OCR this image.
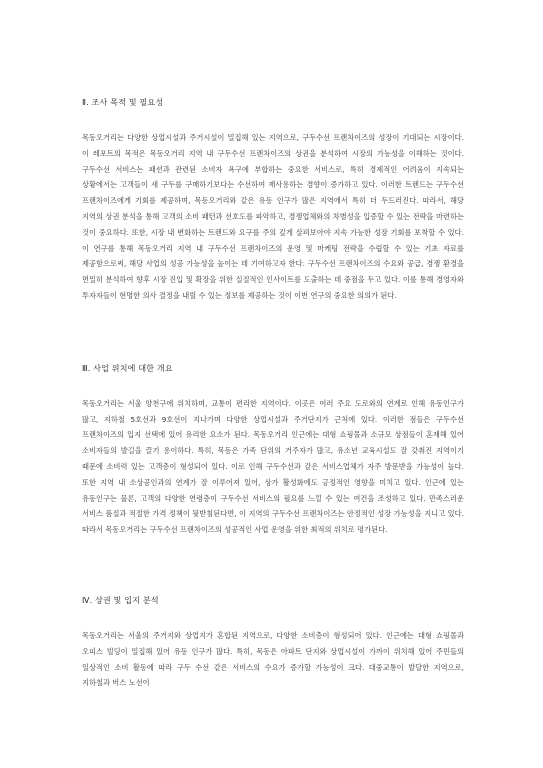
Ⅱ. 조사 목적 및 필요성

목동오거리는 다양한 상업시설과 주거시설이 밀집해 있는 지역으로, 구두수선 프랜차이즈의 성장이 기대되는 시장이다. 이 레포트의 목적은 목동오거리 지역 내 구두수선 프랜차이즈의 상권을 분석하여 시장의 가능성을 이해하는 것이다. 구두수선 서비스는 패션과 관련된 소비자 욕구에 부합하는 중요한 서비스로, 특히 경제적인 어려움이 지속되는 상황에서는 고객들이 새 구두를 구매하기보다는 수선하여 재사용하는 경향이 증가하고 있다. 이러한 트렌드는 구두수선 프랜차이즈에게 기회를 제공하며, 목동오거리와 같은 유동 인구가 많은 지역에서 특히 더 두드러진다. 따라서, 해당 지역의 상권 분석을 통해 고객의 소비 패턴과 선호도를 파악하고, 경쟁업체와의 차별성을 입증할 수 있는 전략을 마련하는 것이 중요하다. 또한, 시장 내 변화하는 트렌드와 요구를 주의 깊게 살펴보아야 지속 가능한 성장 기회를 포착할 수 있다. 이 연구를 통해 목동오거리 지역 내 구두수선 프랜차이즈의 운영 및 마케팅 전략을 수립할 수 있는 기초 자료를 제공함으로써, 해당 사업의 성공 가능성을 높이는 데 기여하고자 한다. 구두수선 프랜차이즈의 수요와 공급, 경쟁 환경을 면밀히 분석하여 향후 시장 진입 및 확장을 위한 실질적인 인사이트를 도출하는 데 중점을 두고 있다. 이를 통해 경영자와 투자자들이 현명한 의사 결정을 내릴 수 있는 정보를 제공하는 것이 이번 연구의 중요한 의의가 된다.

Ⅲ. 사업 위치에 대한 개요

목동오거리는 서울 양천구에 위치하며, 교통이 편리한 지역이다. 이곳은 여러 주요 도로와의 연계로 인해 유동인구가 많고, 지하철 5호선과 9호선이 지나가며 다양한 상업시설과 주거단지가 근처에 있다. 이러한 점들은 구두수선 프랜차이즈의 입지 선택에 있어 유리한 요소가 된다. 목동오거리 인근에는 대형 쇼핑몰과 소규모 상점들이 혼재해 있어 소비자들의 발길을 끌기 용이하다. 특히, 목동은 가족 단위의 거주자가 많고, 유소년 교육시설도 잘 갖춰진 지역이기 때문에 소비력 있는 고객층이 형성되어 있다. 이로 인해 구두수선과 같은 서비스업체가 자주 방문받을 가능성이 높다. 또한 지역 내 소상공인과의 연계가 잘 이루어져 있어, 상가 활성화에도 긍정적인 영향을 미치고 있다. 인근에 있는 유동인구는 물론, 고객의 다양한 연령층이 구두수선 서비스의 필요를 느낄 수 있는 여건을 조성하고 있다. 만족스러운 서비스 품질과 적절한 가격 정책이 뒷받침된다면, 이 지역의 구두수선 프랜차이즈는 안정적인 성장 가능성을 지니고 있다. 따라서 목동오거리는 구두수선 프랜차이즈의 성공적인 사업 운영을 위한 최적의 위치로 평가된다.

Ⅳ. 상권 및 입지 분석

목동오거리는 서울의 주거지와 상업지가 혼합된 지역으로, 다양한 소비층이 형성되어 있다. 인근에는 대형 쇼핑몰과 오피스 빌딩이 밀집해 있어 유동 인구가 많다. 특히, 목동은 아파트 단지와 상업시설이 가까이 위치해 있어 주민들의 일상적인 소비 활동에 따라 구두 수선 같은 서비스의 수요가 증가할 가능성이 크다. 대중교통이 발달한 지역으로, 지하철과 버스 노선이
